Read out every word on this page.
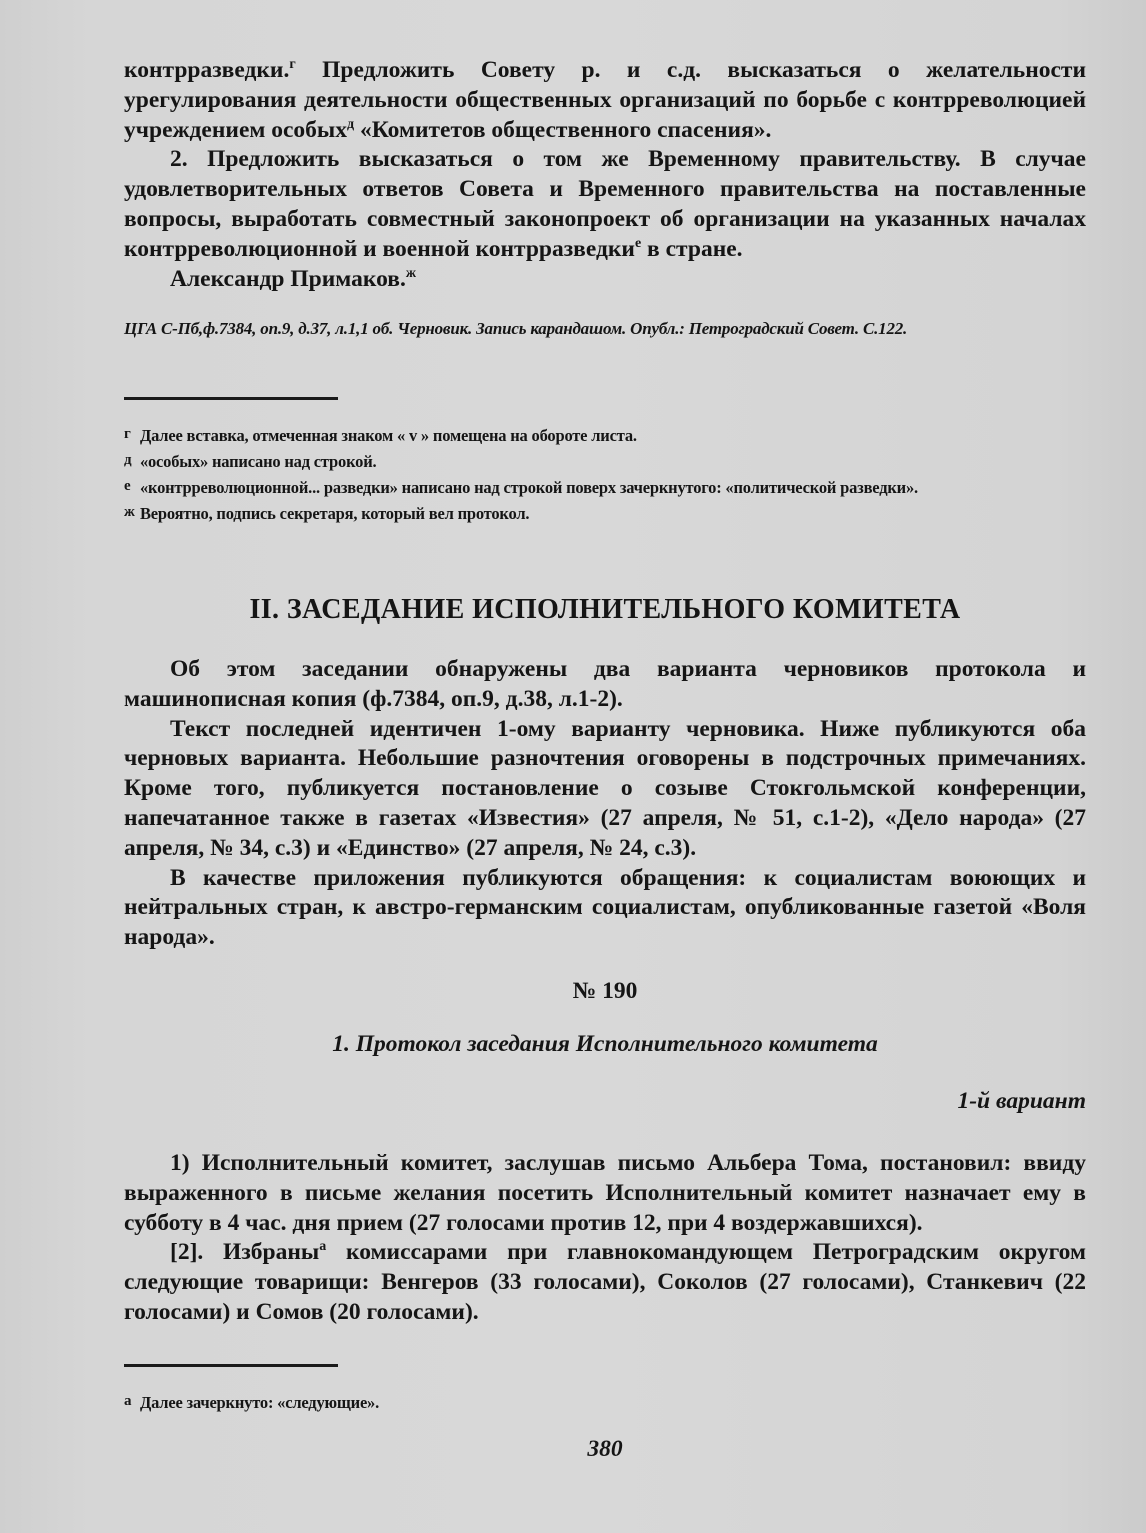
контрразведки.$^г$ Предложить Совету р. и с.д. высказаться о желательности урегулирования деятельности общественных организаций по борьбе с контрреволюцией учреждением особых$^д$ «Комитетов общественного спасения».

2. Предложить высказаться о том же Временному правительству. В случае удовлетворительных ответов Совета и Временного правительства на поставленные вопросы, выработать совместный законопроект об организации на указанных началах контрреволюционной и военной контрразведки$^е$ в стране.

Александр Примаков.$^ж$

ЦГА С-Пб,ф.7384, оп.9, д.37, л.1,1 об. Черновик. Запись карандашом. Опубл.: Петроградский Совет. С.122.

г Далее вставка, отмеченная знаком « v » помещена на обороте листа.

д «особых» написано над строкой.

е «контрреволюционной... разведки» написано над строкой поверх зачеркнутого: «политической разведки».

ж Вероятно, подпись секретаря, который вел протокол.

II. ЗАСЕДАНИЕ ИСПОЛНИТЕЛЬНОГО КОМИТЕТА

Об этом заседании обнаружены два варианта черновиков протокола и машинописная копия (ф.7384, оп.9, д.38, л.1-2).

Текст последней идентичен 1-ому варианту черновика. Ниже публикуются оба черновых варианта. Небольшие разночтения оговорены в подстрочных примечаниях. Кроме того, публикуется постановление о созыве Стокгольмской конференции, напечатанное также в газетах «Известия» (27 апреля, № 51, с.1-2), «Дело народа» (27 апреля, № 34, с.3) и «Единство» (27 апреля, № 24, с.3).

В качестве приложения публикуются обращения: к социалистам воюющих и нейтральных стран, к австро-германским социалистам, опубликованные газетой «Воля народа».

№ 190
1. Протокол заседания Исполнительного комитета
1-й вариант

1) Исполнительный комитет, заслушав письмо Альбера Тома, постановил: ввиду выраженного в письме желания посетить Исполнительный комитет назначает ему в субботу в 4 час. дня прием (27 голосами против 12, при 4 воздержавшихся).

[2]. Избраны$^а$ комиссарами при главнокомандующем Петроградским округом следующие товарищи: Венгеров (33 голосами), Соколов (27 голосами), Станкевич (22 голосами) и Сомов (20 голосами).

а Далее зачеркнуто: «следующие».

380
